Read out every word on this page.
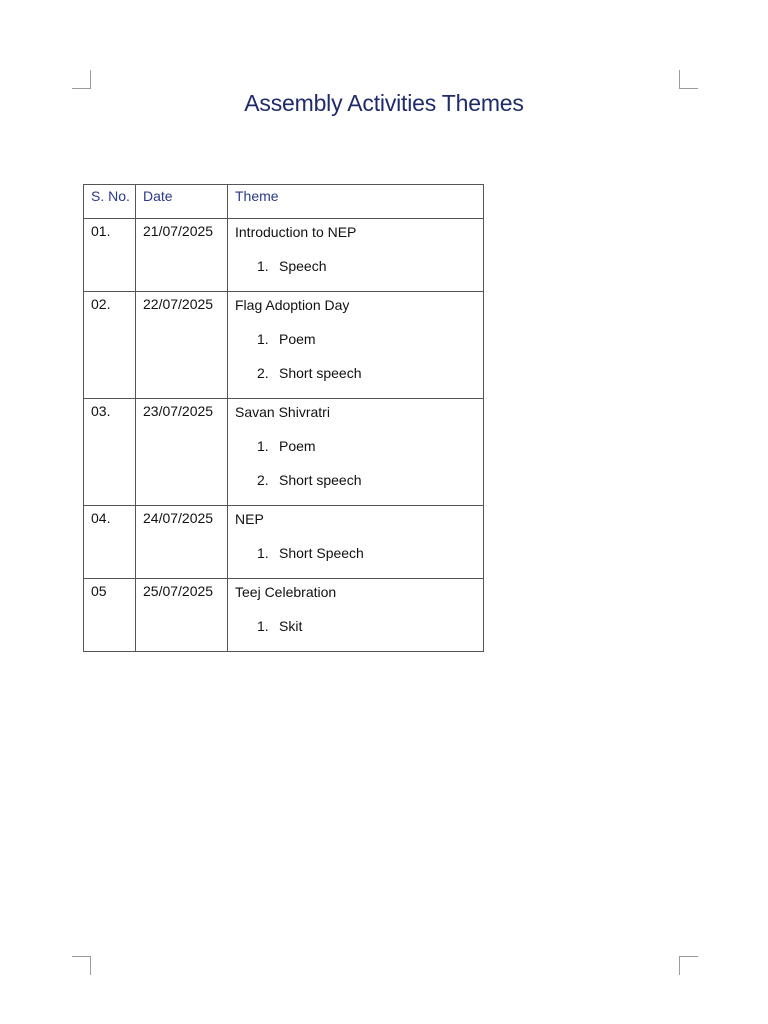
Assembly Activities Themes
S. No.	Date	Theme
01.	21/07/2025	Introduction to NEP
1. Speech

02.	22/07/2025	Flag Adoption Day
1. Poem
2. Short speech

03.	23/07/2025	Savan Shivratri
1. Poem
2. Short speech

04.	24/07/2025	NEP
1. Short Speech

05	25/07/2025	Teej Celebration
1. Skit
